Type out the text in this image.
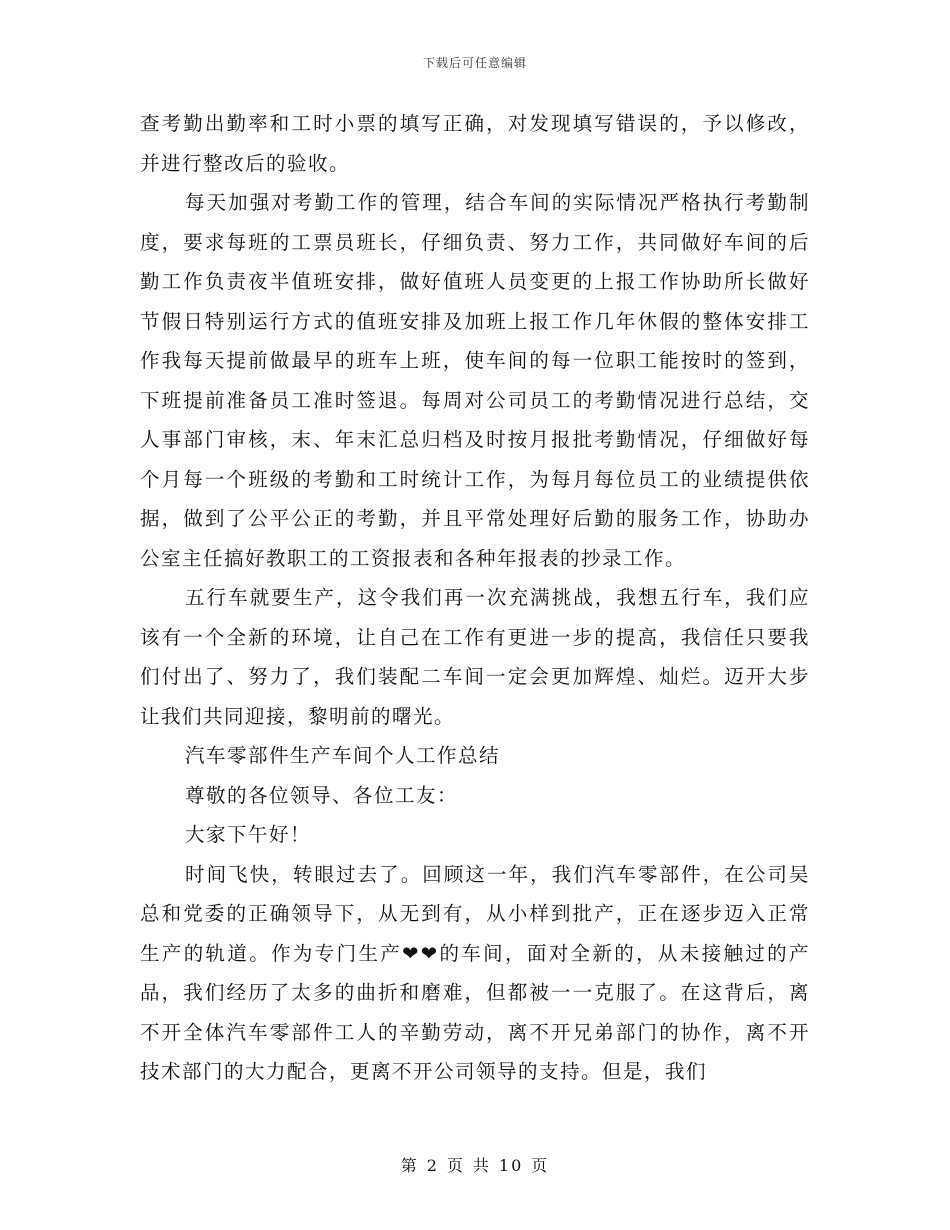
下载后可任意编辑

查考勤出勤率和工时小票的填写正确，对发现填写错误的，予以修改，并进行整改后的验收。

每天加强对考勤工作的管理，结合车间的实际情况严格执行考勤制度，要求每班的工票员班长，仔细负责、努力工作，共同做好车间的后勤工作负责夜半值班安排，做好值班人员变更的上报工作协助所长做好节假日特别运行方式的值班安排及加班上报工作几年休假的整体安排工作我每天提前做最早的班车上班，使车间的每一位职工能按时的签到，下班提前准备员工准时签退。每周对公司员工的考勤情况进行总结，交人事部门审核，末、年末汇总归档及时按月报批考勤情况，仔细做好每个月每一个班级的考勤和工时统计工作，为每月每位员工的业绩提供依据，做到了公平公正的考勤，并且平常处理好后勤的服务工作，协助办公室主任搞好教职工的工资报表和各种年报表的抄录工作。

五行车就要生产，这令我们再一次充满挑战，我想五行车，我们应该有一个全新的环境，让自己在工作有更进一步的提高，我信任只要我们付出了、努力了，我们装配二车间一定会更加辉煌、灿烂。迈开大步让我们共同迎接，黎明前的曙光。

汽车零部件生产车间个人工作总结

尊敬的各位领导、各位工友：

大家下午好！

时间飞快，转眼过去了。回顾这一年，我们汽车零部件，在公司吴总和党委的正确领导下，从无到有，从小样到批产，正在逐步迈入正常生产的轨道。作为专门生产❤❤的车间，面对全新的，从未接触过的产品，我们经历了太多的曲折和磨难，但都被一一克服了。在这背后，离不开全体汽车零部件工人的辛勤劳动，离不开兄弟部门的协作，离不开技术部门的大力配合，更离不开公司领导的支持。但是，我们

第 2 页 共 10 页
